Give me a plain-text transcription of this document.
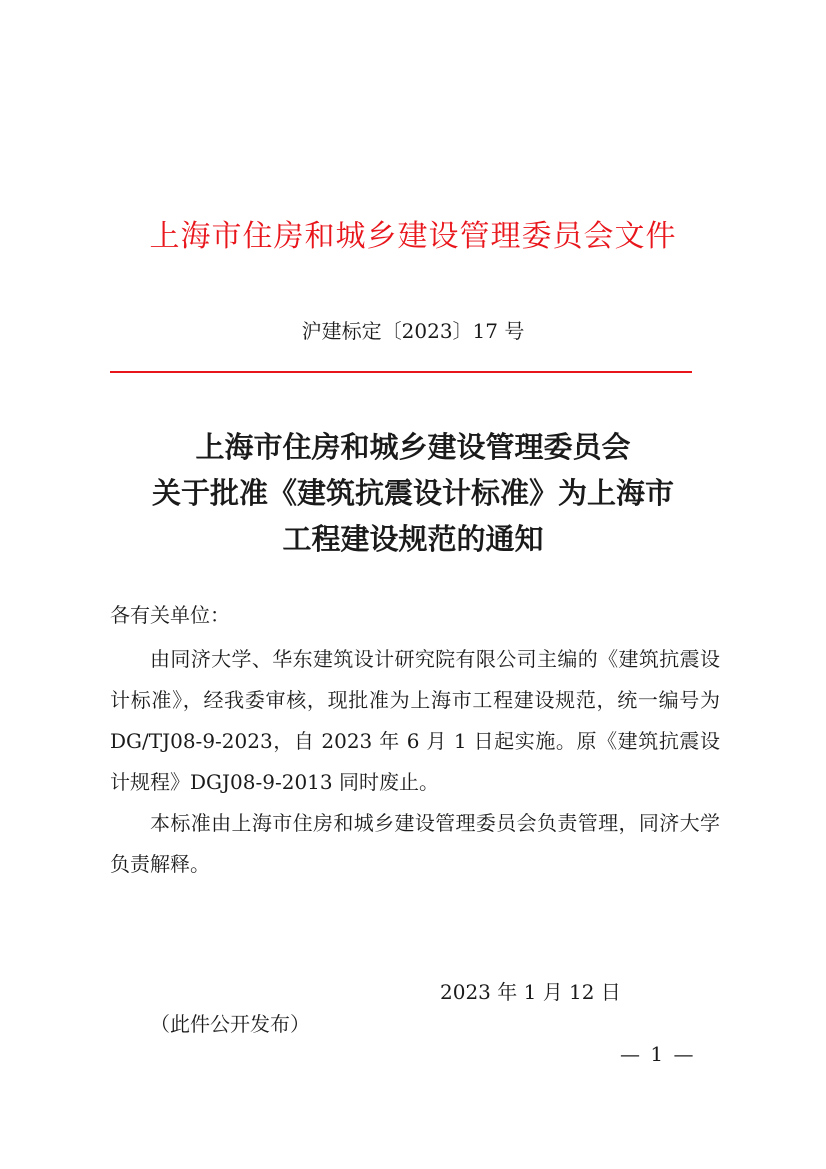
上海市住房和城乡建设管理委员会文件
沪建标定〔2023〕17 号
上海市住房和城乡建设管理委员会
关于批准《建筑抗震设计标准》为上海市
工程建设规范的通知
各有关单位：

由同济大学、华东建筑设计研究院有限公司主编的《建筑抗震设计标准》，经我委审核，现批准为上海市工程建设规范，统一编号为 DG/TJ08-9-2023，自 2023 年 6 月 1 日起实施。原《建筑抗震设计规程》DGJ08-9-2013 同时废止。

本标准由上海市住房和城乡建设管理委员会负责管理，同济大学负责解释。

2023 年 1 月 12 日
（此件公开发布）
— 1 —
